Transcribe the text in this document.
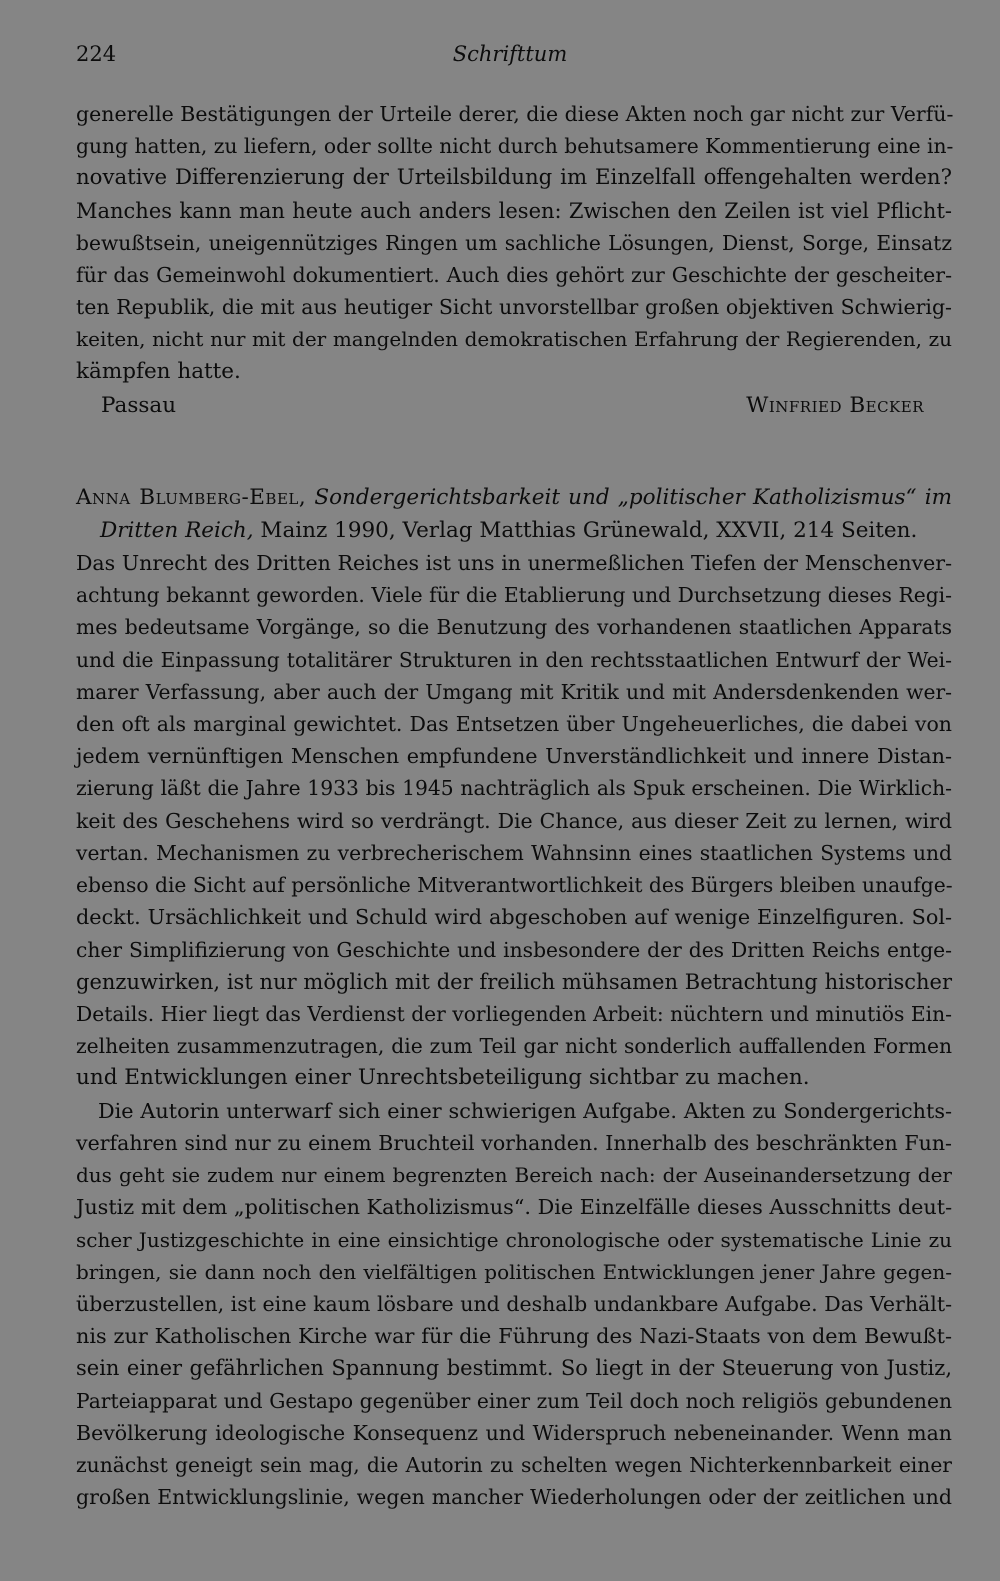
224	Schrifttum
generelle Bestätigungen der Urteile derer, die diese Akten noch gar nicht zur Verfü-
gung hatten, zu liefern, oder sollte nicht durch behutsamere Kommentierung eine in-
novative Differenzierung der Urteilsbildung im Einzelfall offengehalten werden?
Manches kann man heute auch anders lesen: Zwischen den Zeilen ist viel Pflicht-
bewußtsein, uneigennütziges Ringen um sachliche Lösungen, Dienst, Sorge, Einsatz
für das Gemeinwohl dokumentiert. Auch dies gehört zur Geschichte der gescheiter-
ten Republik, die mit aus heutiger Sicht unvorstellbar großen objektiven Schwierig-
keiten, nicht nur mit der mangelnden demokratischen Erfahrung der Regierenden, zu
kämpfen hatte.
Passau	Winfried Becker
Anna Blumberg-Ebel, Sondergerichtsbarkeit und „politischer Katholizismus“ im
Dritten Reich, Mainz 1990, Verlag Matthias Grünewald, XXVII, 214 Seiten.
Das Unrecht des Dritten Reiches ist uns in unermeßlichen Tiefen der Menschenver-
achtung bekannt geworden. Viele für die Etablierung und Durchsetzung dieses Regi-
mes bedeutsame Vorgänge, so die Benutzung des vorhandenen staatlichen Apparats
und die Einpassung totalitärer Strukturen in den rechtsstaatlichen Entwurf der Wei-
marer Verfassung, aber auch der Umgang mit Kritik und mit Andersdenkenden wer-
den oft als marginal gewichtet. Das Entsetzen über Ungeheuerliches, die dabei von
jedem vernünftigen Menschen empfundene Unverständlichkeit und innere Distan-
zierung läßt die Jahre 1933 bis 1945 nachträglich als Spuk erscheinen. Die Wirklich-
keit des Geschehens wird so verdrängt. Die Chance, aus dieser Zeit zu lernen, wird
vertan. Mechanismen zu verbrecherischem Wahnsinn eines staatlichen Systems und
ebenso die Sicht auf persönliche Mitverantwortlichkeit des Bürgers bleiben unaufge-
deckt. Ursächlichkeit und Schuld wird abgeschoben auf wenige Einzelfiguren. Sol-
cher Simplifizierung von Geschichte und insbesondere der des Dritten Reichs entge-
genzuwirken, ist nur möglich mit der freilich mühsamen Betrachtung historischer
Details. Hier liegt das Verdienst der vorliegenden Arbeit: nüchtern und minutiös Ein-
zelheiten zusammenzutragen, die zum Teil gar nicht sonderlich auffallenden Formen
und Entwicklungen einer Unrechtsbeteiligung sichtbar zu machen.
Die Autorin unterwarf sich einer schwierigen Aufgabe. Akten zu Sondergerichts-
verfahren sind nur zu einem Bruchteil vorhanden. Innerhalb des beschränkten Fun-
dus geht sie zudem nur einem begrenzten Bereich nach: der Auseinandersetzung der
Justiz mit dem „politischen Katholizismus“. Die Einzelfälle dieses Ausschnitts deut-
scher Justizgeschichte in eine einsichtige chronologische oder systematische Linie zu
bringen, sie dann noch den vielfältigen politischen Entwicklungen jener Jahre gegen-
überzustellen, ist eine kaum lösbare und deshalb undankbare Aufgabe. Das Verhält-
nis zur Katholischen Kirche war für die Führung des Nazi-Staats von dem Bewußt-
sein einer gefährlichen Spannung bestimmt. So liegt in der Steuerung von Justiz,
Parteiapparat und Gestapo gegenüber einer zum Teil doch noch religiös gebundenen
Bevölkerung ideologische Konsequenz und Widerspruch nebeneinander. Wenn man
zunächst geneigt sein mag, die Autorin zu schelten wegen Nichterkennbarkeit einer
großen Entwicklungslinie, wegen mancher Wiederholungen oder der zeitlichen und
